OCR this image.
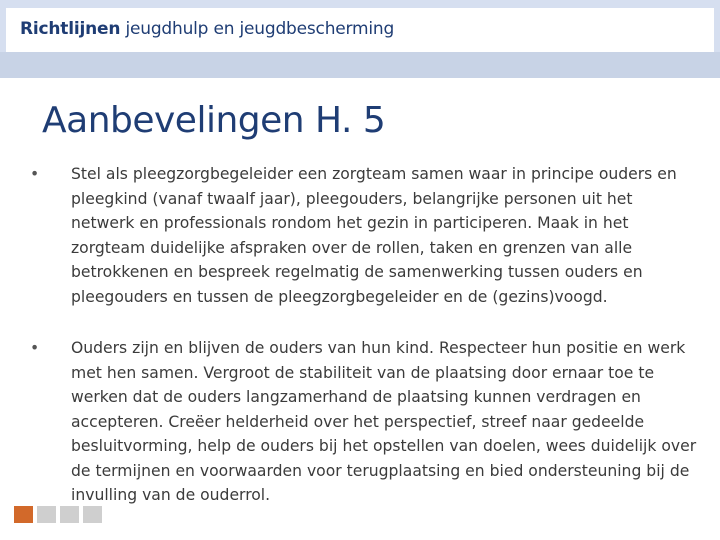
Richtlijnen jeugdhulp en jeugdbescherming
Aanbevelingen H. 5
•	Stel als pleegzorgbegeleider een zorgteam samen waar in principe ouders en pleegkind (vanaf twaalf jaar), pleegouders, belangrijke personen uit het netwerk en professionals rondom het gezin in participeren. Maak in het zorgteam duidelijke afspraken over de rollen, taken en grenzen van alle betrokkenen en bespreek regelmatig de samenwerking tussen ouders en pleegouders en tussen de pleegzorgbegeleider en de (gezins)voogd.
•	Ouders zijn en blijven de ouders van hun kind. Respecteer hun positie en werk met hen samen. Vergroot de stabiliteit van de plaatsing door ernaar toe te werken dat de ouders langzamerhand de plaatsing kunnen verdragen en accepteren. Creëer helderheid over het perspectief, streef naar gedeelde besluitvorming, help de ouders bij het opstellen van doelen, wees duidelijk over de termijnen en voorwaarden voor terugplaatsing en bied ondersteuning bij de invulling van de ouderrol.
